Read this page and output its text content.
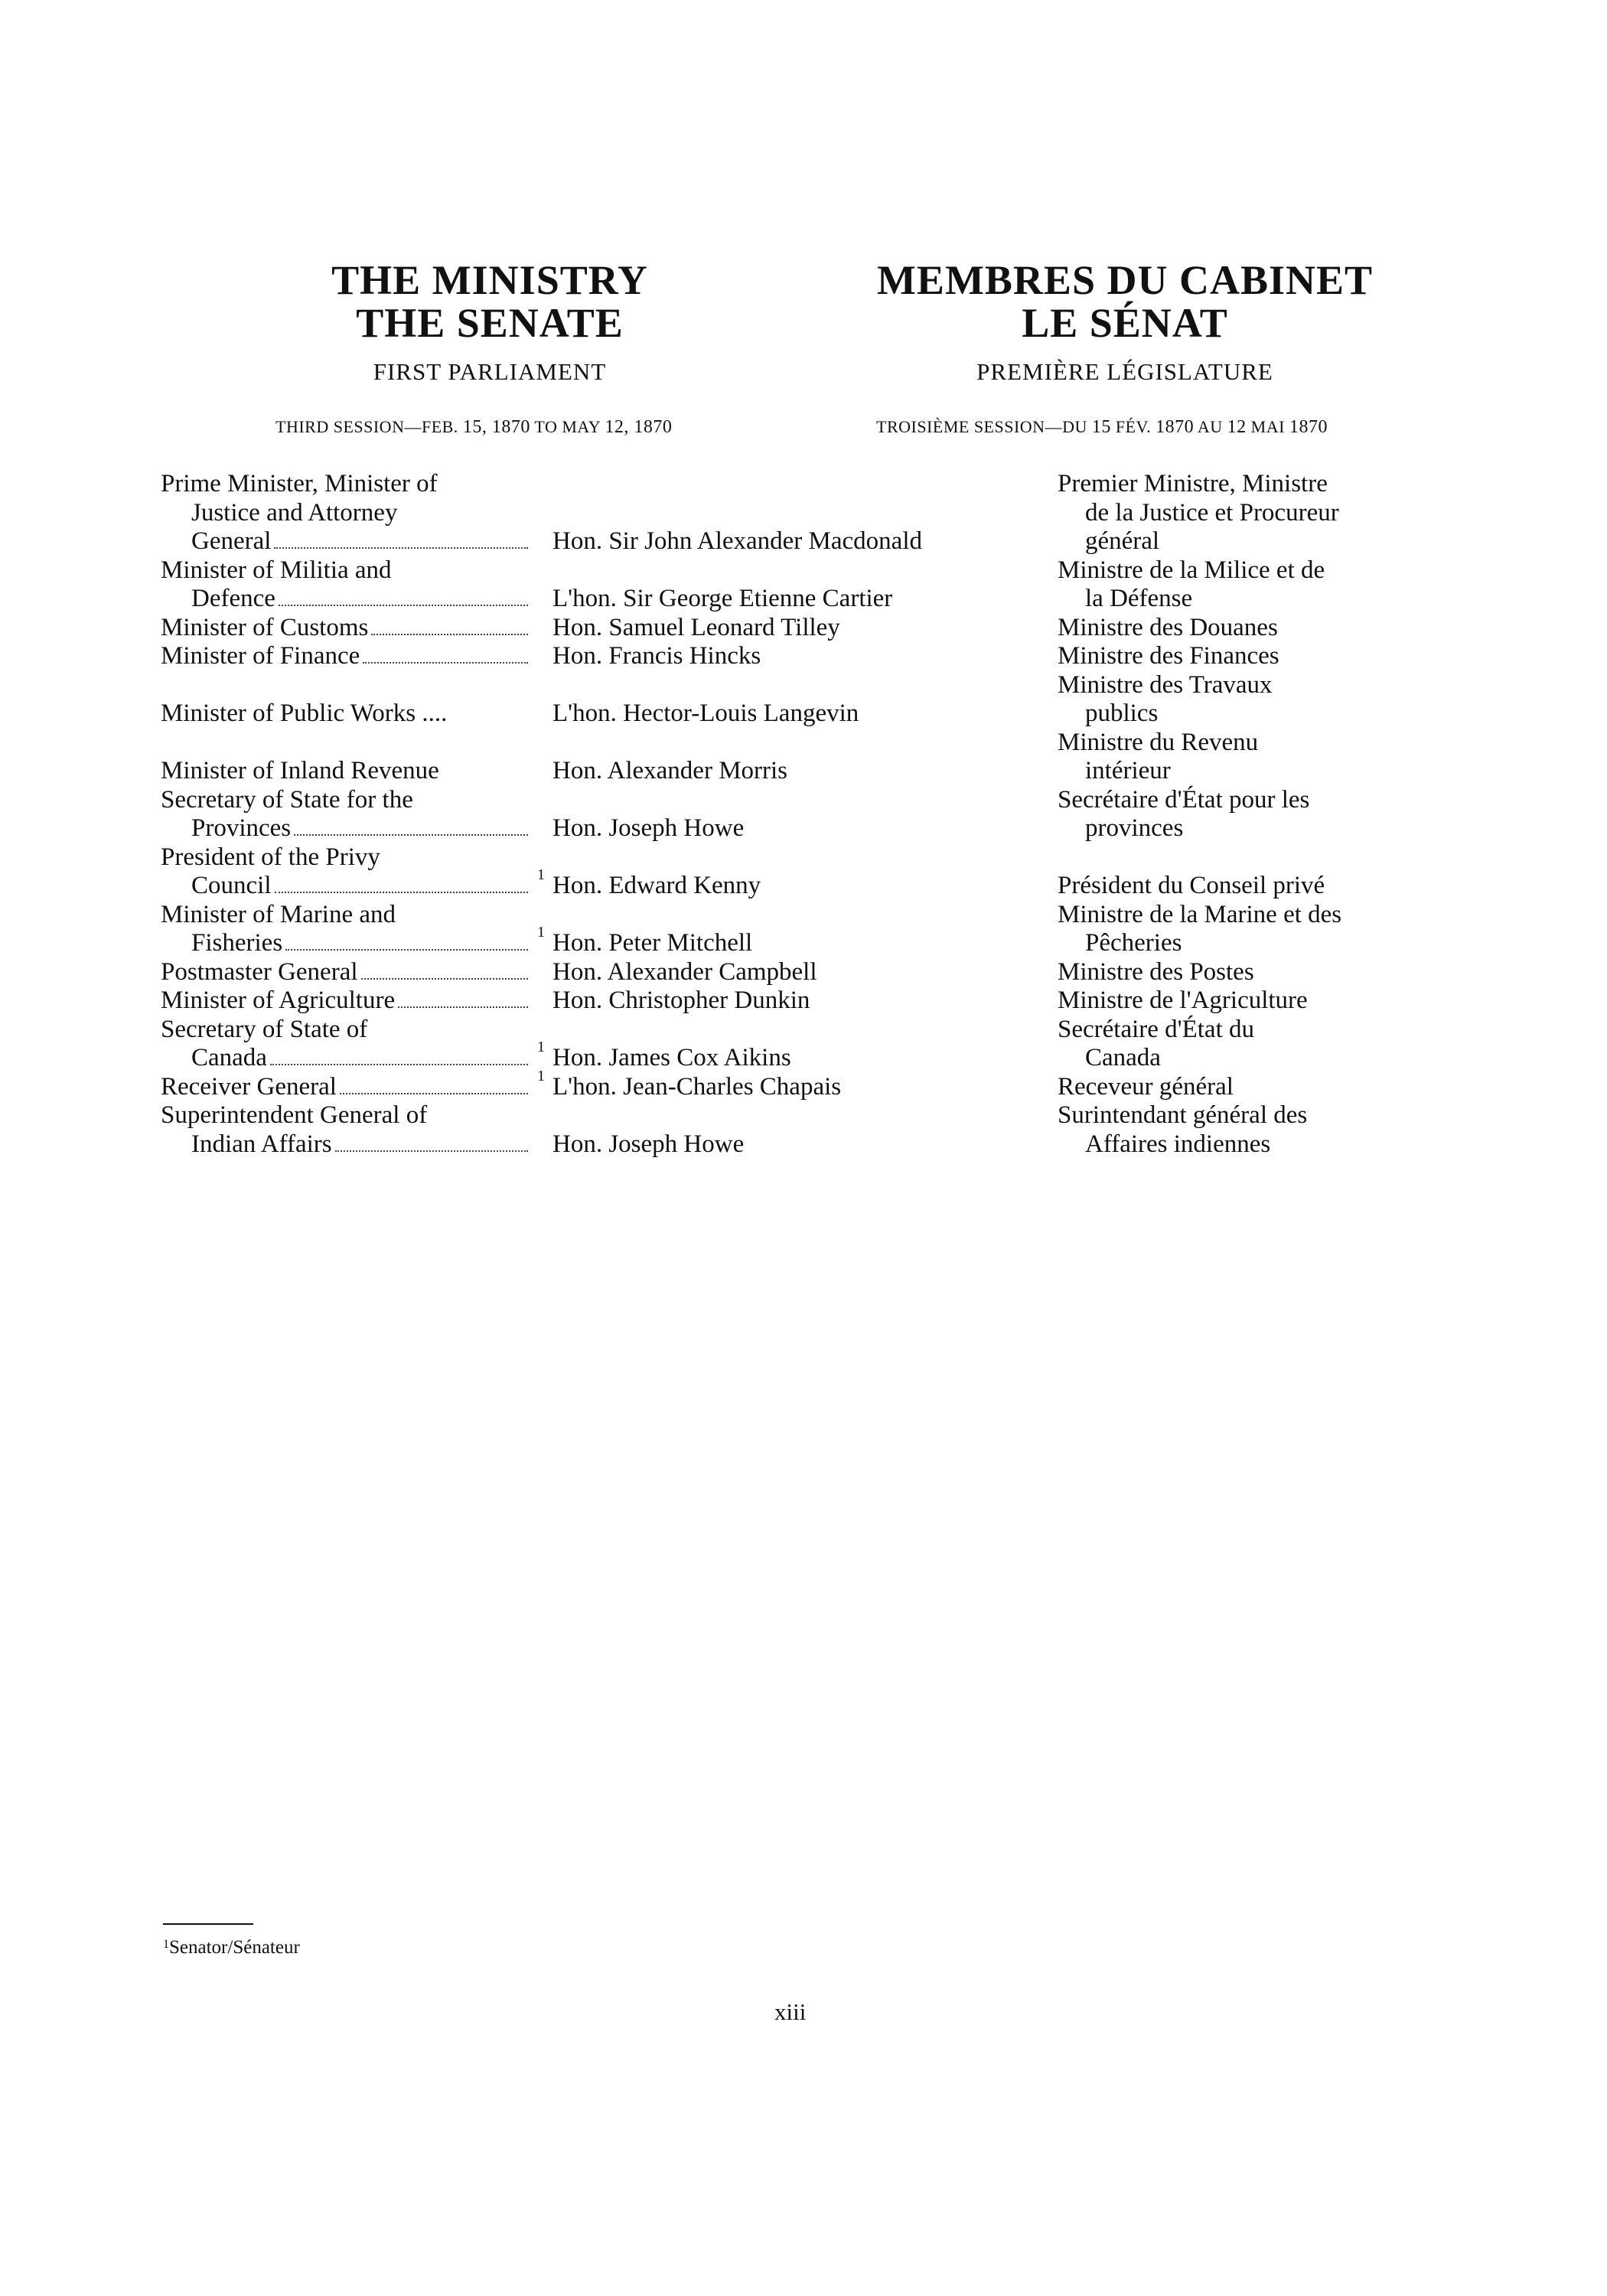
THE MINISTRY
THE SENATE
FIRST PARLIAMENT
MEMBRES DU CABINET
LE SÉNAT
PREMIÈRE LÉGISLATURE
THIRD SESSION—FEB. 15, 1870 TO MAY 12, 1870	TROISIÈME SESSION—DU 15 FÉV. 1870 AU 12 MAI 1870
Prime Minister, Minister of
Justice and Attorney
General	Hon. Sir John Alexander Macdonald
Premier Ministre, Ministre
de la Justice et Procureur
général
Minister of Militia and
Defence	L'hon. Sir George Etienne Cartier
Ministre de la Milice et de
la Défense
Minister of Customs	Hon. Samuel Leonard Tilley	Ministre des Douanes
Minister of Finance	Hon. Francis Hincks	Ministre des Finances
Minister of Public Works ....	L'hon. Hector-Louis Langevin
Ministre des Travaux
publics
Minister of Inland Revenue	Hon. Alexander Morris
Ministre du Revenu
intérieur
Secretary of State for the
Provinces	Hon. Joseph Howe
Secrétaire d'État pour les
provinces
President of the Privy
Council	1 Hon. Edward Kenny	Président du Conseil privé
Minister of Marine and
Fisheries	1 Hon. Peter Mitchell
Ministre de la Marine et des
Pêcheries
Postmaster General	Hon. Alexander Campbell	Ministre des Postes
Minister of Agriculture	Hon. Christopher Dunkin	Ministre de l'Agriculture
Secretary of State of
Canada	1 Hon. James Cox Aikins
Secrétaire d'État du
Canada
Receiver General	1 L'hon. Jean-Charles Chapais	Receveur général
Superintendent General of
Indian Affairs	Hon. Joseph Howe
Surintendant général des
Affaires indiennes
$^1$Senator/Sénateur
xiii
